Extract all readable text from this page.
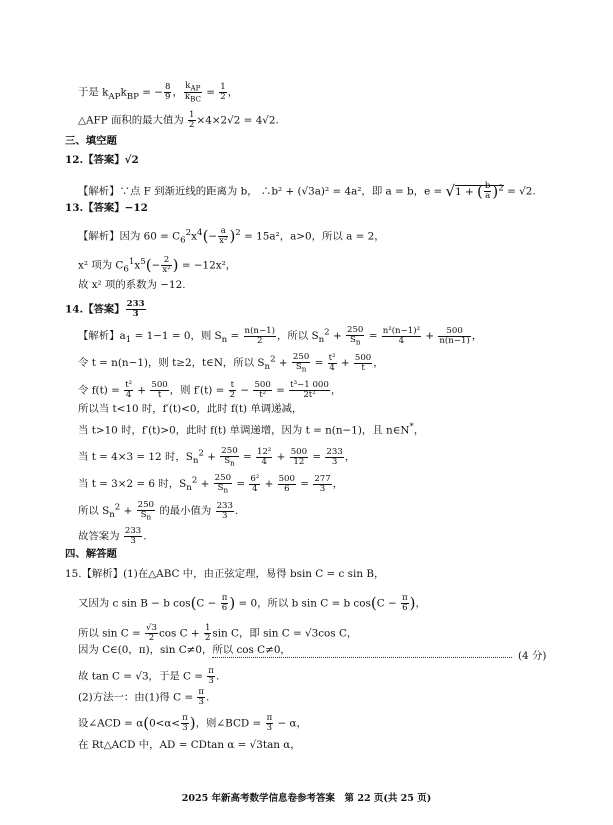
于是 $k_{AP}k_{BP}$ = − $\frac{8}{9}$ ， $\frac{k_{AP}}{k_{BC}} = \frac{1}{2}$ ，
△AFP 面积的最大值为 $\frac{1}{2} \times 4\times 2√2 = 4√2$.
三、填空题
12.【答案】√2
【解析】∵点 F 到渐近线的距离为 b， ∴b² + (√3a)² = 4a²，即 a = b，e = √1 + ( $\frac{b}{a} )^2 = √2$.
13.【答案】−12
【解析】因为 $60 = C_6^2x^4(- \frac{a}{\text{x²}} )^2 = 15a^2$，a>0，所以 a = 2，
x² 项为 $C_6^1x^5(- \frac{2}{\text{x²}}$ ) = −12x²，
故 x² 项的系数为 −12.
14.【答案】 $\frac{233}{3}$
【解析】$a_1 = 1-1 = 0$，则 $S_n = \frac{n(n-1)}{2}$ ，所以 $S_n^2 + \frac{250}{S_n} = \frac{\text{n²(n−1)²}}{4} + \frac{500}{n(n-1)}$ ，
令 t = n(n−1)，则 t≥2，t∈N，所以 $S_n^2 + \frac{250}{S_n} = \frac{\text{t²}}{4} + \frac{500}{t}$ ，
令 $f(t) = \frac{\text{t²}}{4} + \frac{500}{t}$ ，则 $f'(t) = \frac{t}{2} - \frac{500}{\text{t²}} = \frac{\text{t³−1 000}}{\text{2t²}}$ ，
所以当 t<10 时，f′(t)<0，此时 f(t) 单调递减，
当 t>10 时，f′(t)>0，此时 f(t) 单调递增，因为 t = n(n−1)，且 n∈N*，
当 t = 4×3 = 12 时，$S_n^2 + \frac{250}{S_n} = \frac{\text{12²}}{4} + \frac{500}{12} = \frac{233}{3}$ ，
当 t = 3×2 = 6 时，$S_n^2 + \frac{250}{S_n} = \frac{\text{6²}}{4} + \frac{500}{6} = \frac{277}{3}$ ，
所以 $S_n^2 + \frac{250}{S_n}$ 的最小值为 $\frac{233}{3}$ .
故答案为 $\frac{233}{3}$ .
四、解答题
15.【解析】(1)在△ABC 中，由正弦定理，易得 bsin C = c sin B，
又因为 c sin B − b $\cos(C - \frac{\pi}{6}$ ) = 0，所以 b sin C = b $\cos(C - \frac{\pi}{6}$ )，
所以 $\sin C = \frac{√3}{2}$ $\cos C + \frac{1}{2}$ sin C，即 sin C = √3cos C，
因为 C∈(0，π)，sin C≠0，所以 cos C≠0，
故 tan C = √3，于是 $C = \frac{\pi}{3}$ .
(4 分)
(2)方法一：由(1)得 $C = \frac{\pi}{3}$ .
设∠ACD = $\alpha(0<\alpha< \frac{\pi}{3}$ )，则∠BCD = $\frac{\pi}{3} - \alpha$，
在 Rt△ACD 中，AD = CDtan α = √3tan α，
2025 年新高考数学信息卷参考答案　第 22 页(共 25 页)
